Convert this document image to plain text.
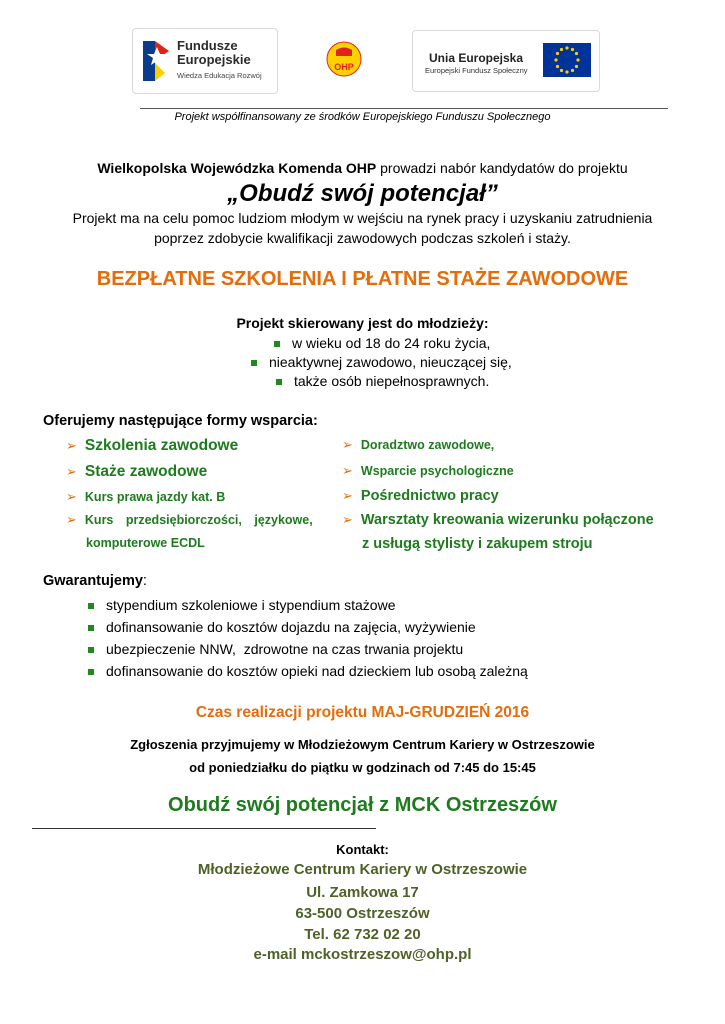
Fundusze
Europejskie
Wiedza Edukacja Rozwój
OHP
Unia Europejska
Europejski Fundusz Społeczny
Projekt współfinansowany ze środków Europejskiego Funduszu Społecznego
Wielkopolska Wojewódzka Komenda OHP prowadzi nabór kandydatów do projektu
„Obudź swój potencjał”
Projekt ma na celu pomoc ludziom młodym w wejściu na rynek pracy i uzyskaniu zatrudnienia
poprzez zdobycie kwalifikacji zawodowych podczas szkoleń i staży.
BEZPŁATNE SZKOLENIA I PŁATNE STAŻE ZAWODOWE
Projekt skierowany jest do młodzieży:
w wieku od 18 do 24 roku życia,
nieaktywnej zawodowo, nieuczącej się,
także osób niepełnosprawnych.
Oferujemy następujące formy wsparcia:
➢ Szkolenia zawodowe
➢ Staże zawodowe
➢ Kurs prawa jazdy kat. B
➢ Kurs przedsiębiorczości, językowe,
komputerowe ECDL
➢ Doradztwo zawodowe,
➢ Wsparcie psychologiczne
➢ Pośrednictwo pracy
➢ Warsztaty kreowania wizerunku połączone
z usługą stylisty i zakupem stroju
Gwarantujemy:
stypendium szkoleniowe i stypendium stażowe
dofinansowanie do kosztów dojazdu na zajęcia, wyżywienie
ubezpieczenie NNW,  zdrowotne na czas trwania projektu
dofinansowanie do kosztów opieki nad dzieckiem lub osobą zależną
Czas realizacji projektu MAJ-GRUDZIEŃ 2016
Zgłoszenia przyjmujemy w Młodzieżowym Centrum Kariery w Ostrzeszowie
od poniedziałku do piątku w godzinach od 7:45 do 15:45
Obudź swój potencjał z MCK Ostrzeszów
Kontakt:
Młodzieżowe Centrum Kariery w Ostrzeszowie
Ul. Zamkowa 17
63-500 Ostrzeszów
Tel. 62 732 02 20
e-mail mckostrzeszow@ohp.pl
